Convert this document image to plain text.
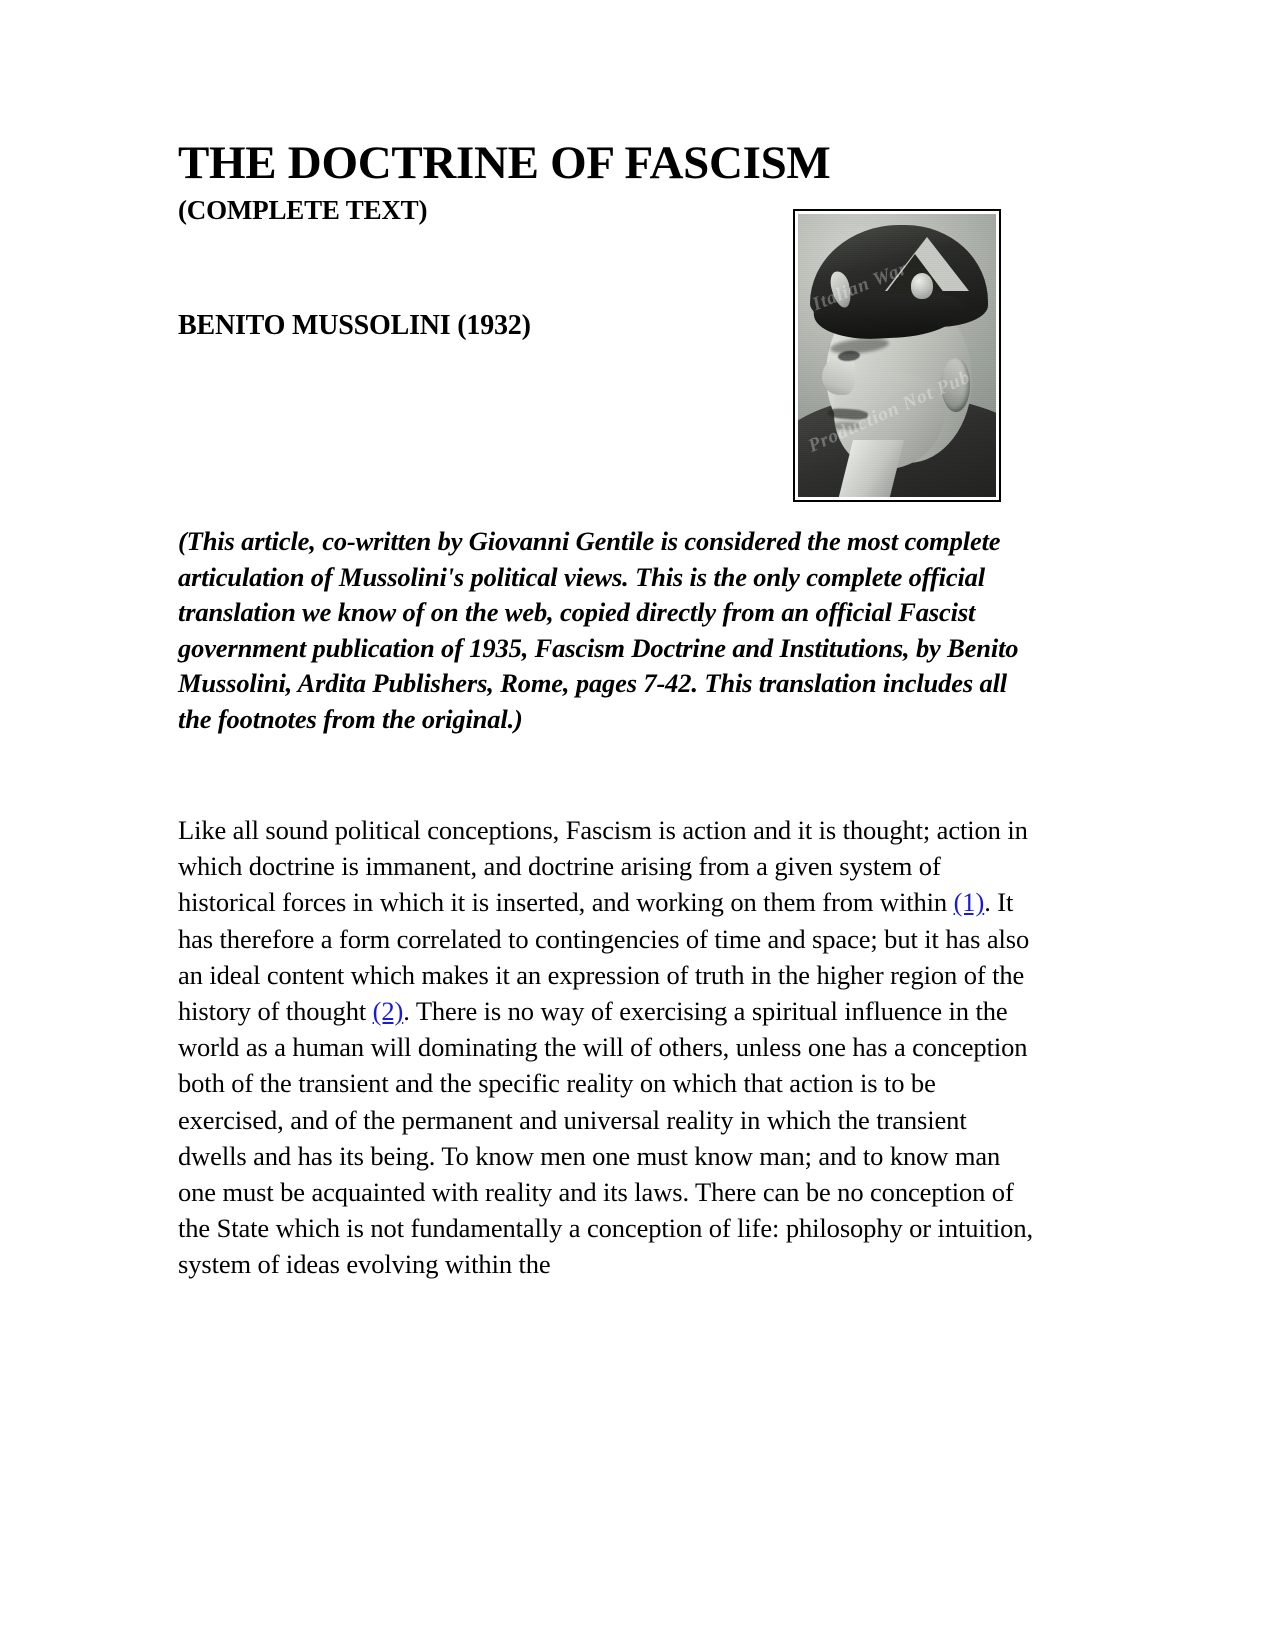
THE DOCTRINE OF FASCISM
(COMPLETE TEXT)
BENITO MUSSOLINI (1932)
(This article, co-written by Giovanni Gentile is considered the most complete articulation of Mussolini's political views. This is the only complete official translation we know of on the web, copied directly from an official Fascist government publication of 1935, Fascism Doctrine and Institutions, by Benito Mussolini, Ardita Publishers, Rome, pages 7-42. This translation includes all the footnotes from the original.)
Like all sound political conceptions, Fascism is action and it is thought; action in which doctrine is immanent, and doctrine arising from a given system of historical forces in which it is inserted, and working on them from within (1). It has therefore a form correlated to contingencies of time and space; but it has also an ideal content which makes it an expression of truth in the higher region of the history of thought (2). There is no way of exercising a spiritual influence in the world as a human will dominating the will of others, unless one has a conception both of the transient and the specific reality on which that action is to be exercised, and of the permanent and universal reality in which the transient dwells and has its being. To know men one must know man; and to know man one must be acquainted with reality and its laws. There can be no conception of the State which is not fundamentally a conception of life: philosophy or intuition, system of ideas evolving within the
